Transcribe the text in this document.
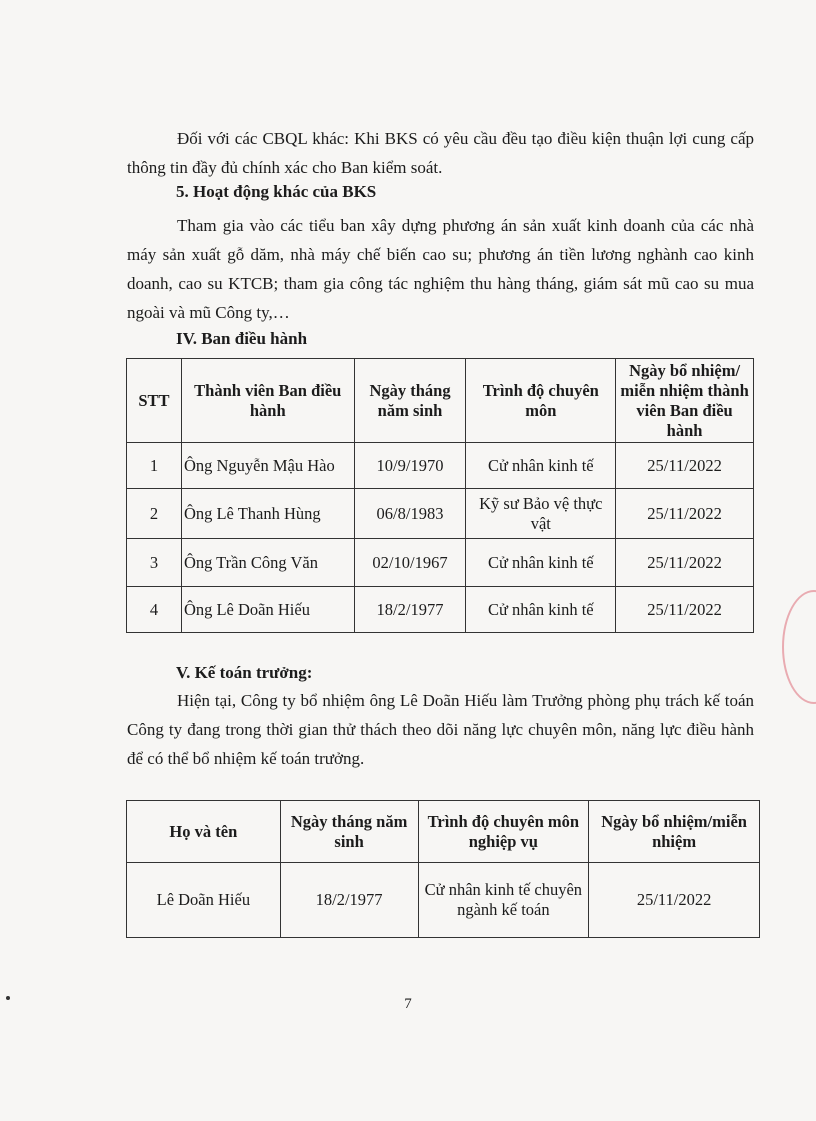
Đối với các CBQL khác: Khi BKS có yêu cầu đều tạo điều kiện thuận lợi cung cấp thông tin đầy đủ chính xác cho Ban kiểm soát.

5. Hoạt động khác của BKS

Tham gia vào các tiểu ban xây dựng phương án sản xuất kinh doanh của các nhà máy sản xuất gỗ dăm, nhà máy chế biến cao su; phương án tiền lương nghành cao kinh doanh, cao su KTCB; tham gia công tác nghiệm thu hàng tháng, giám sát mũ cao su mua ngoài và mũ Công ty,…

IV. Ban điều hành

STT	Thành viên Ban điều hành	Ngày tháng năm sinh	Trình độ chuyên môn	Ngày bổ nhiệm/ miễn nhiệm thành viên Ban điều hành
1	Ông Nguyễn Mậu Hào	10/9/1970	Cử nhân kinh tế	25/11/2022
2	Ông Lê Thanh Hùng	06/8/1983	Kỹ sư Bảo vệ thực vật	25/11/2022
3	Ông Trần Công Văn	02/10/1967	Cử nhân kinh tế	25/11/2022
4	Ông Lê Doãn Hiếu	18/2/1977	Cử nhân kinh tế	25/11/2022

V. Kế toán trưởng:

Hiện tại, Công ty bổ nhiệm ông Lê Doãn Hiếu làm Trưởng phòng phụ trách kế toán Công ty đang trong thời gian thử thách theo dõi năng lực chuyên môn, năng lực điều hành để có thể bổ nhiệm kế toán trưởng.

Họ và tên	Ngày tháng năm sinh	Trình độ chuyên môn nghiệp vụ	Ngày bổ nhiệm/miễn nhiệm
Lê Doãn Hiếu	18/2/1977	Cử nhân kinh tế chuyên ngành kế toán	25/11/2022
7
